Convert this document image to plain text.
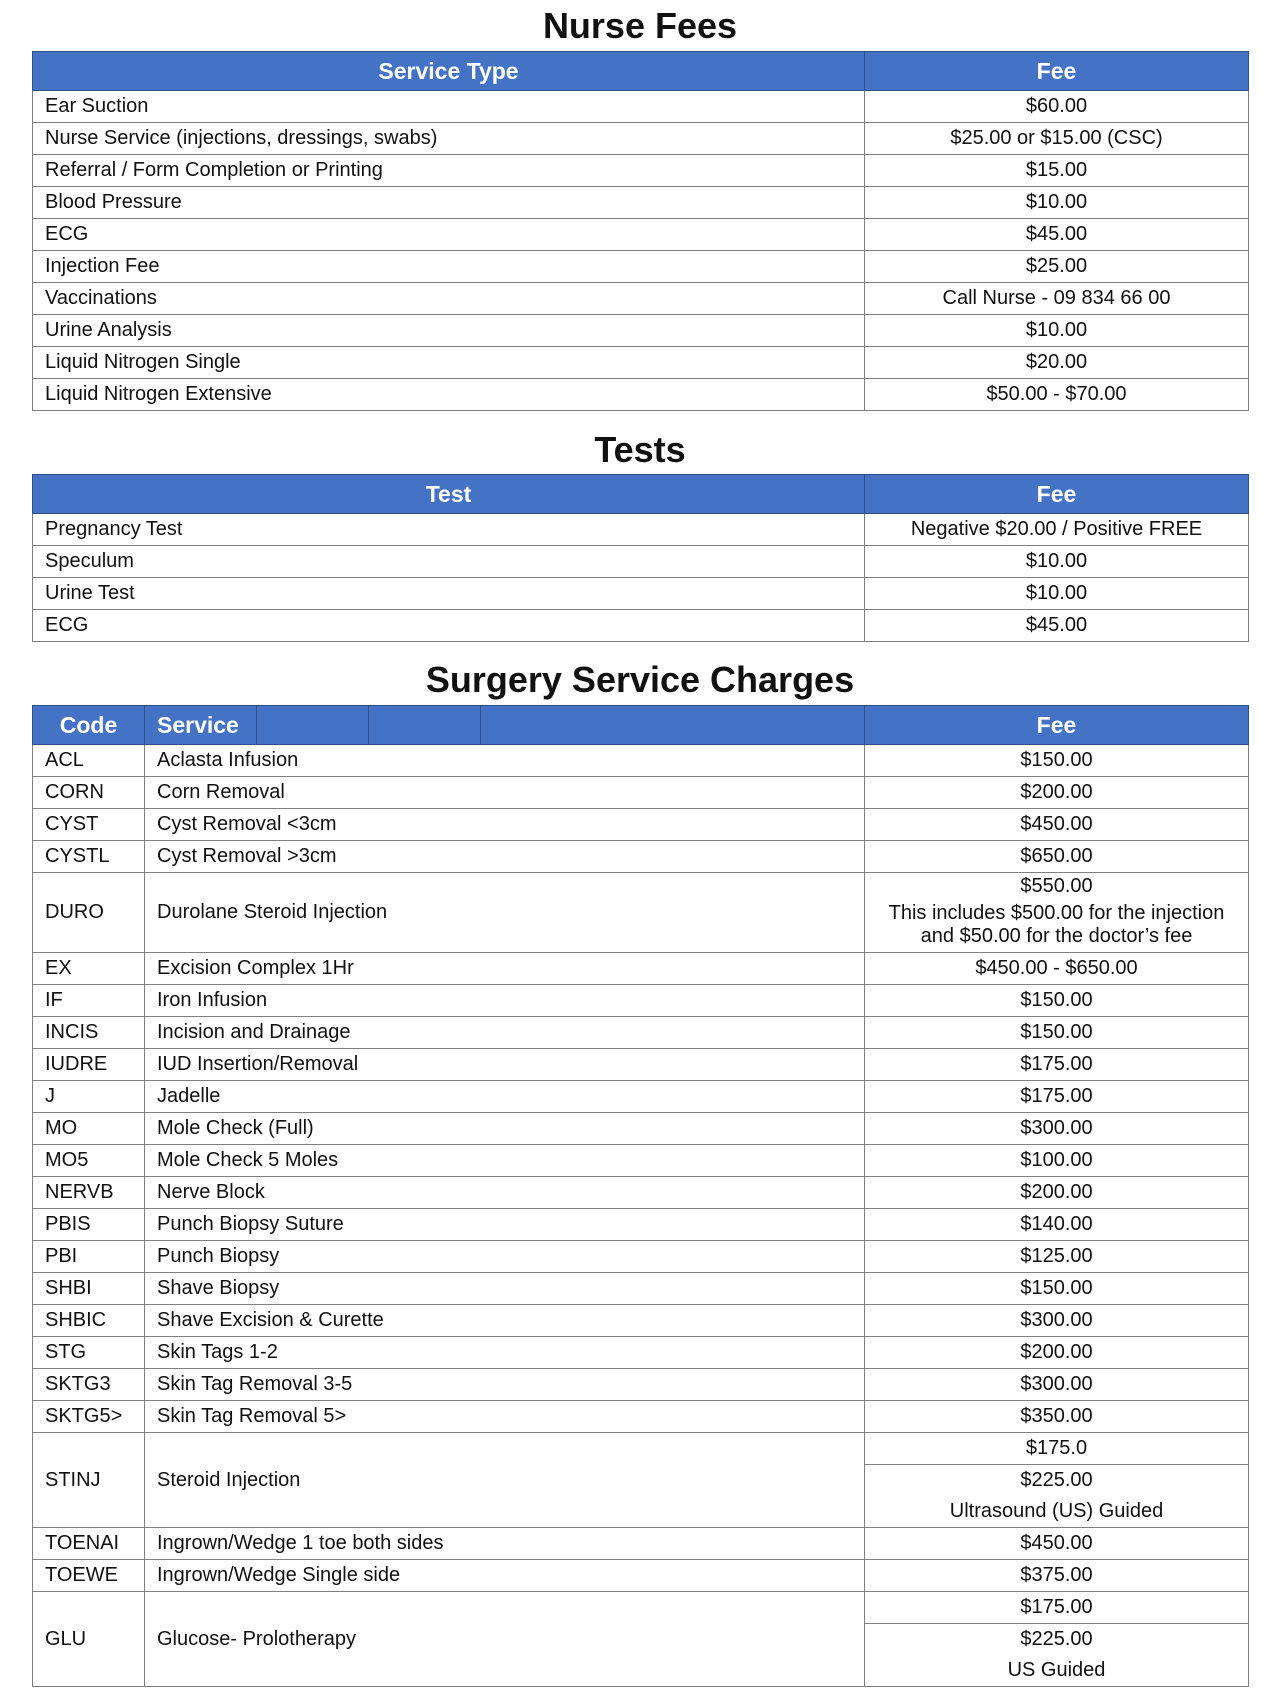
Nurse Fees
Service Type	Fee
Ear Suction	$60.00
Nurse Service (injections, dressings, swabs)	$25.00 or $15.00 (CSC)
Referral / Form Completion or Printing	$15.00
Blood Pressure	$10.00
ECG	$45.00
Injection Fee	$25.00
Vaccinations	Call Nurse - 09 834 66 00
Urine Analysis	$10.00
Liquid Nitrogen Single	$20.00
Liquid Nitrogen Extensive	$50.00 - $70.00
Tests
Test	Fee
Pregnancy Test	Negative $20.00 / Positive FREE
Speculum	$10.00
Urine Test	$10.00
ECG	$45.00
Surgery Service Charges
Code	Service	Fee
ACL	Aclasta Infusion	$150.00
CORN	Corn Removal	$200.00
CYST	Cyst Removal <3cm	$450.00
CYSTL	Cyst Removal >3cm	$650.00
DURO	Durolane Steroid Injection	$550.00
This includes $500.00 for the injection
and $50.00 for the doctor’s fee

EX	Excision Complex 1Hr	$450.00 - $650.00
IF	Iron Infusion	$150.00
INCIS	Incision and Drainage	$150.00
IUDRE	IUD Insertion/Removal	$175.00
J	Jadelle	$175.00
MO	Mole Check (Full)	$300.00
MO5	Mole Check 5 Moles	$100.00
NERVB	Nerve Block	$200.00
PBIS	Punch Biopsy Suture	$140.00
PBI	Punch Biopsy	$125.00
SHBI	Shave Biopsy	$150.00
SHBIC	Shave Excision & Curette	$300.00
STG	Skin Tags 1-2	$200.00
SKTG3	Skin Tag Removal 3-5	$300.00
SKTG5>	Skin Tag Removal 5>	$350.00
STINJ	Steroid Injection	$175.0
$225.00
Ultrasound (US) Guided

TOENAI	Ingrown/Wedge 1 toe both sides	$450.00
TOEWE	Ingrown/Wedge Single side	$375.00
GLU	Glucose- Prolotherapy	$175.00
$225.00
US Guided
